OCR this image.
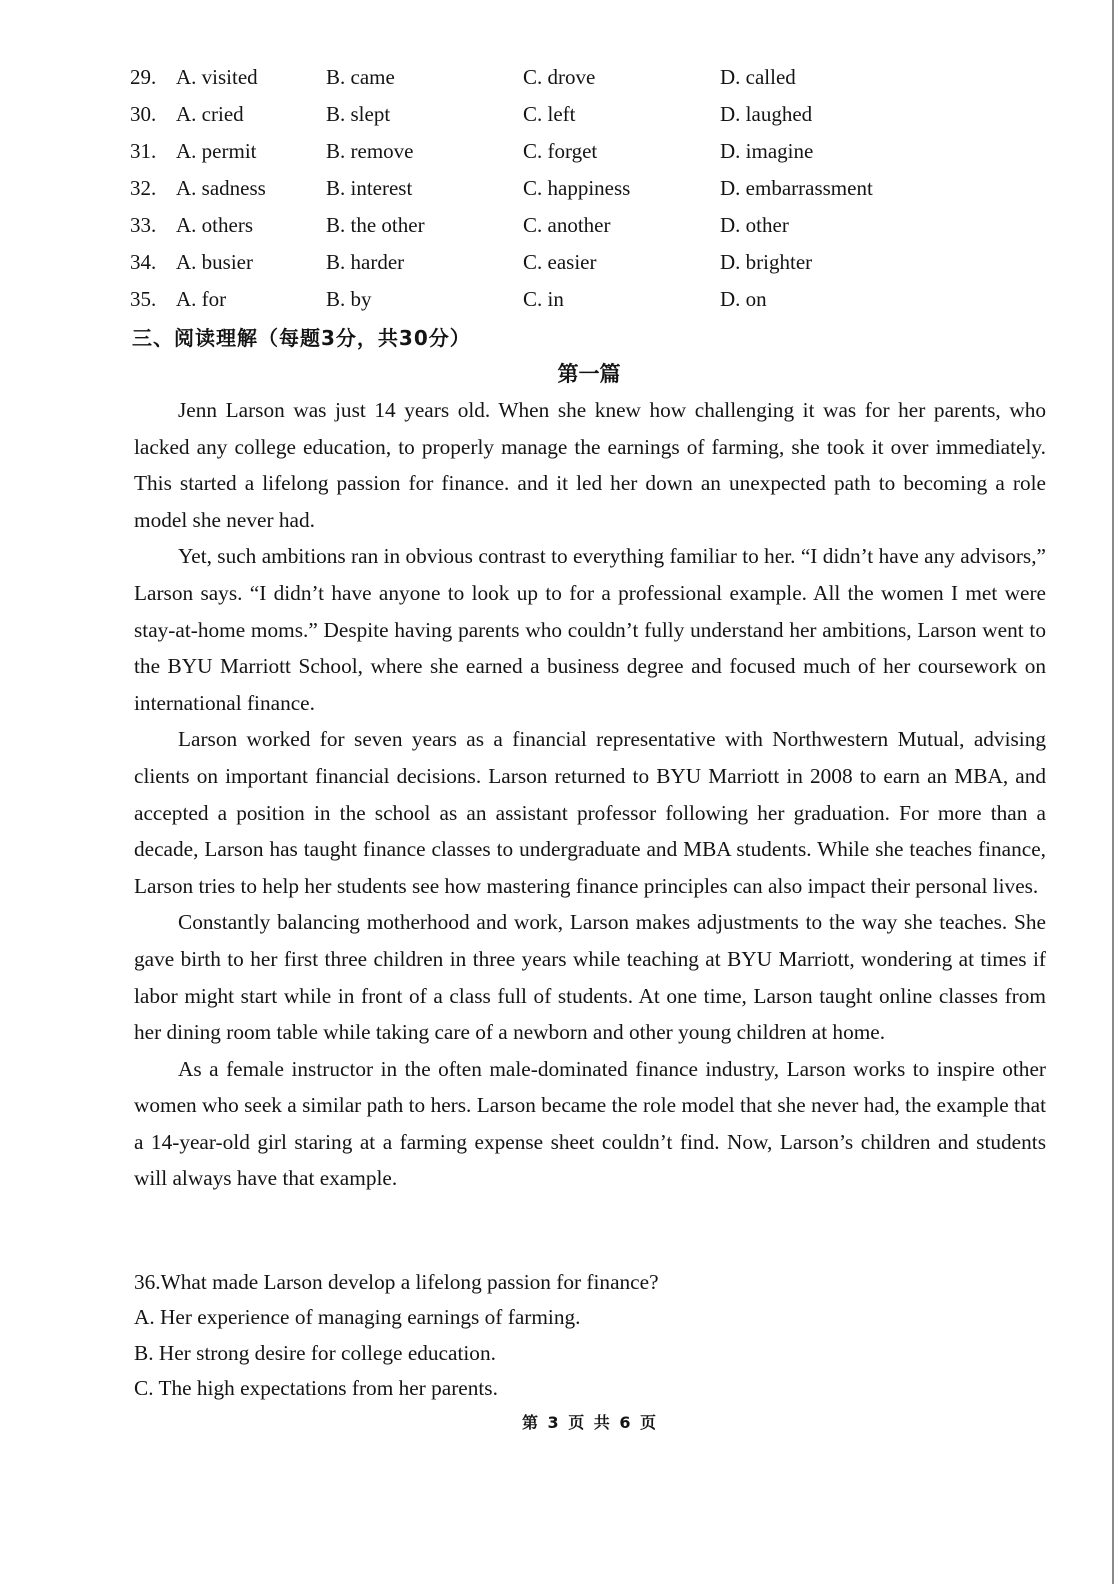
29. A. visited	B. came	C. drove	D. called
30. A. cried	B. slept	C. left	D. laughed
31. A. permit	B. remove	C. forget	D. imagine
32. A. sadness	B. interest	C. happiness	D. embarrassment
33. A. others	B. the other	C. another	D. other
34. A. busier	B. harder	C. easier	D. brighter
35. A. for	B. by	C. in	D. on
三、阅读理解（每题3分，共30分）
第一篇

Jenn Larson was just 14 years old. When she knew how challenging it was for her parents, who lacked any college education, to properly manage the earnings of farming, she took it over immediately. This started a lifelong passion for finance. and it led her down an unexpected path to becoming a role model she never had.

Yet, such ambitions ran in obvious contrast to everything familiar to her. “I didn’t have any advisors,” Larson says. “I didn’t have anyone to look up to for a professional example. All the women I met were stay-at-home moms.” Despite having parents who couldn’t fully understand her ambitions, Larson went to the BYU Marriott School, where she earned a business degree and focused much of her coursework on international finance.

Larson worked for seven years as a financial representative with Northwestern Mutual, advising clients on important financial decisions. Larson returned to BYU Marriott in 2008 to earn an MBA, and accepted a position in the school as an assistant professor following her graduation. For more than a decade, Larson has taught finance classes to undergraduate and MBA students. While she teaches finance, Larson tries to help her students see how mastering finance principles can also impact their personal lives.

Constantly balancing motherhood and work, Larson makes adjustments to the way she teaches. She gave birth to her first three children in three years while teaching at BYU Marriott, wondering at times if labor might start while in front of a class full of students. At one time, Larson taught online classes from her dining room table while taking care of a newborn and other young children at home.

As a female instructor in the often male-dominated finance industry, Larson works to inspire other women who seek a similar path to hers. Larson became the role model that she never had, the example that a 14-year-old girl staring at a farming expense sheet couldn’t find. Now, Larson’s children and students will always have that example.

36.What made Larson develop a lifelong passion for finance?
A. Her experience of managing earnings of farming.
B. Her strong desire for college education.
C. The high expectations from her parents.
第 3 页 共 6 页
